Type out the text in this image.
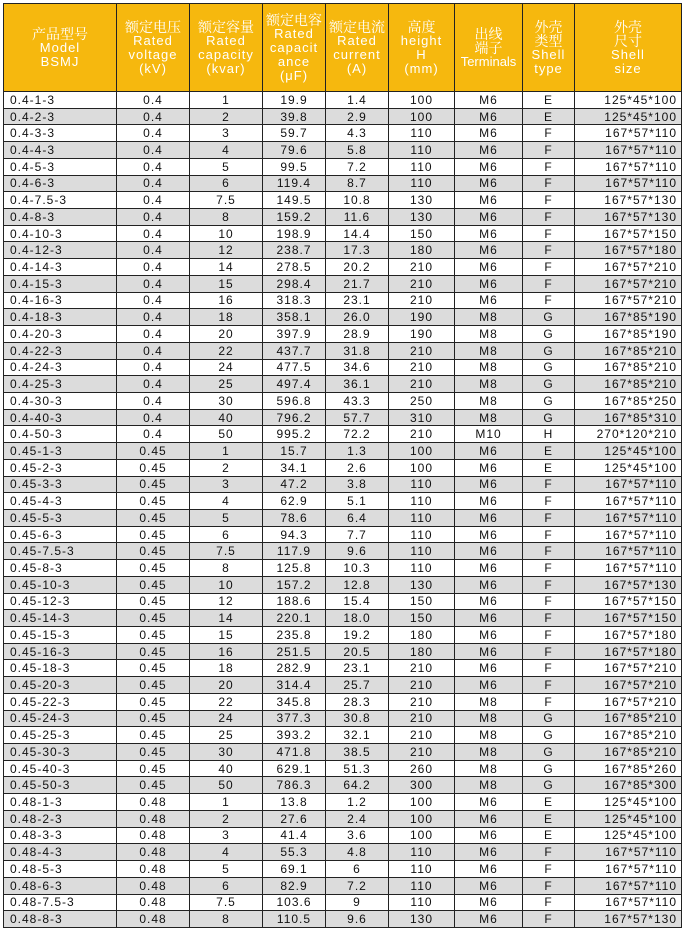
产品型号
Model
BSMJ	额定电压
Rated
voltage
(kV)	额定容量
Rated
capacity
(kvar)	额定电容
Rated
capacit
ance
(μF)	额定电流
Rated
current
(A)	高度
height
H
(mm)	出线端子
Terminals	外壳类型
Shell
type	外壳尺寸
Shell
size

0.4-1-3	0.4	1	19.9	1.4	100	M6	E	125*45*100
0.4-2-3	0.4	2	39.8	2.9	100	M6	E	125*45*100
0.4-3-3	0.4	3	59.7	4.3	110	M6	F	167*57*110
0.4-4-3	0.4	4	79.6	5.8	110	M6	F	167*57*110
0.4-5-3	0.4	5	99.5	7.2	110	M6	F	167*57*110
0.4-6-3	0.4	6	119.4	8.7	110	M6	F	167*57*110
0.4-7.5-3	0.4	7.5	149.5	10.8	130	M6	F	167*57*130
0.4-8-3	0.4	8	159.2	11.6	130	M6	F	167*57*130
0.4-10-3	0.4	10	198.9	14.4	150	M6	F	167*57*150
0.4-12-3	0.4	12	238.7	17.3	180	M6	F	167*57*180
0.4-14-3	0.4	14	278.5	20.2	210	M6	F	167*57*210
0.4-15-3	0.4	15	298.4	21.7	210	M6	F	167*57*210
0.4-16-3	0.4	16	318.3	23.1	210	M6	F	167*57*210
0.4-18-3	0.4	18	358.1	26.0	190	M8	G	167*85*190
0.4-20-3	0.4	20	397.9	28.9	190	M8	G	167*85*190
0.4-22-3	0.4	22	437.7	31.8	210	M8	G	167*85*210
0.4-24-3	0.4	24	477.5	34.6	210	M8	G	167*85*210
0.4-25-3	0.4	25	497.4	36.1	210	M8	G	167*85*210
0.4-30-3	0.4	30	596.8	43.3	250	M8	G	167*85*250
0.4-40-3	0.4	40	796.2	57.7	310	M8	G	167*85*310
0.4-50-3	0.4	50	995.2	72.2	210	M10	H	270*120*210
0.45-1-3	0.45	1	15.7	1.3	100	M6	E	125*45*100
0.45-2-3	0.45	2	34.1	2.6	100	M6	E	125*45*100
0.45-3-3	0.45	3	47.2	3.8	110	M6	F	167*57*110
0.45-4-3	0.45	4	62.9	5.1	110	M6	F	167*57*110
0.45-5-3	0.45	5	78.6	6.4	110	M6	F	167*57*110
0.45-6-3	0.45	6	94.3	7.7	110	M6	F	167*57*110
0.45-7.5-3	0.45	7.5	117.9	9.6	110	M6	F	167*57*110
0.45-8-3	0.45	8	125.8	10.3	110	M6	F	167*57*110
0.45-10-3	0.45	10	157.2	12.8	130	M6	F	167*57*130
0.45-12-3	0.45	12	188.6	15.4	150	M6	F	167*57*150
0.45-14-3	0.45	14	220.1	18.0	150	M6	F	167*57*150
0.45-15-3	0.45	15	235.8	19.2	180	M6	F	167*57*180
0.45-16-3	0.45	16	251.5	20.5	180	M6	F	167*57*180
0.45-18-3	0.45	18	282.9	23.1	210	M6	F	167*57*210
0.45-20-3	0.45	20	314.4	25.7	210	M6	F	167*57*210
0.45-22-3	0.45	22	345.8	28.3	210	M8	F	167*57*210
0.45-24-3	0.45	24	377.3	30.8	210	M8	G	167*85*210
0.45-25-3	0.45	25	393.2	32.1	210	M8	G	167*85*210
0.45-30-3	0.45	30	471.8	38.5	210	M8	G	167*85*210
0.45-40-3	0.45	40	629.1	51.3	260	M8	G	167*85*260
0.45-50-3	0.45	50	786.3	64.2	300	M8	G	167*85*300
0.48-1-3	0.48	1	13.8	1.2	100	M6	E	125*45*100
0.48-2-3	0.48	2	27.6	2.4	100	M6	E	125*45*100
0.48-3-3	0.48	3	41.4	3.6	100	M6	E	125*45*100
0.48-4-3	0.48	4	55.3	4.8	110	M6	F	167*57*110
0.48-5-3	0.48	5	69.1	6	110	M6	F	167*57*110
0.48-6-3	0.48	6	82.9	7.2	110	M6	F	167*57*110
0.48-7.5-3	0.48	7.5	103.6	9	110	M6	F	167*57*110
0.48-8-3	0.48	8	110.5	9.6	130	M6	F	167*57*130
